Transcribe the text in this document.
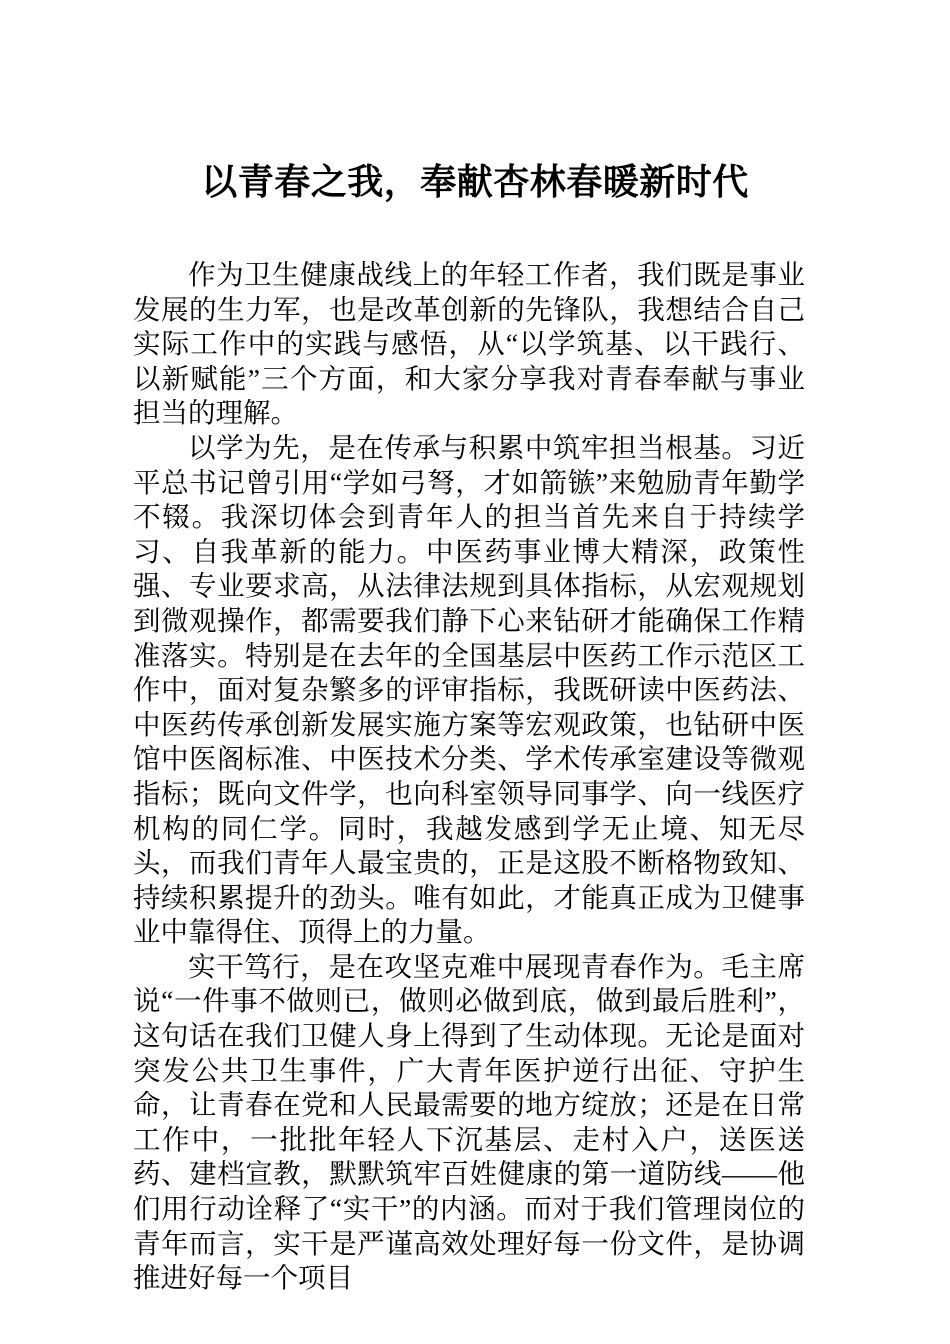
以青春之我，奉献杏林春暖新时代

作为卫生健康战线上的年轻工作者，我们既是事业发展的生力军，也是改革创新的先锋队，我想结合自己实际工作中的实践与感悟，从“以学筑基、以干践行、以新赋能”三个方面，和大家分享我对青春奉献与事业担当的理解。

以学为先，是在传承与积累中筑牢担当根基。习近平总书记曾引用“学如弓弩，才如箭镞”来勉励青年勤学不辍。我深切体会到青年人的担当首先来自于持续学习、自我革新的能力。中医药事业博大精深，政策性强、专业要求高，从法律法规到具体指标，从宏观规划到微观操作，都需要我们静下心来钻研才能确保工作精准落实。特别是在去年的全国基层中医药工作示范区工作中，面对复杂繁多的评审指标，我既研读中医药法、中医药传承创新发展实施方案等宏观政策，也钻研中医馆中医阁标准、中医技术分类、学术传承室建设等微观指标；既向文件学，也向科室领导同事学、向一线医疗机构的同仁学。同时，我越发感到学无止境、知无尽头，而我们青年人最宝贵的，正是这股不断格物致知、持续积累提升的劲头。唯有如此，才能真正成为卫健事业中靠得住、顶得上的力量。

实干笃行，是在攻坚克难中展现青春作为。毛主席说“一件事不做则已，做则必做到底，做到最后胜利”，这句话在我们卫健人身上得到了生动体现。无论是面对突发公共卫生事件，广大青年医护逆行出征、守护生命，让青春在党和人民最需要的地方绽放；还是在日常工作中，一批批年轻人下沉基层、走村入户，送医送药、建档宣教，默默筑牢百姓健康的第一道防线——他们用行动诠释了“实干”的内涵。而对于我们管理岗位的青年而言，实干是严谨高效处理好每一份文件，是协调推进好每一个项目
